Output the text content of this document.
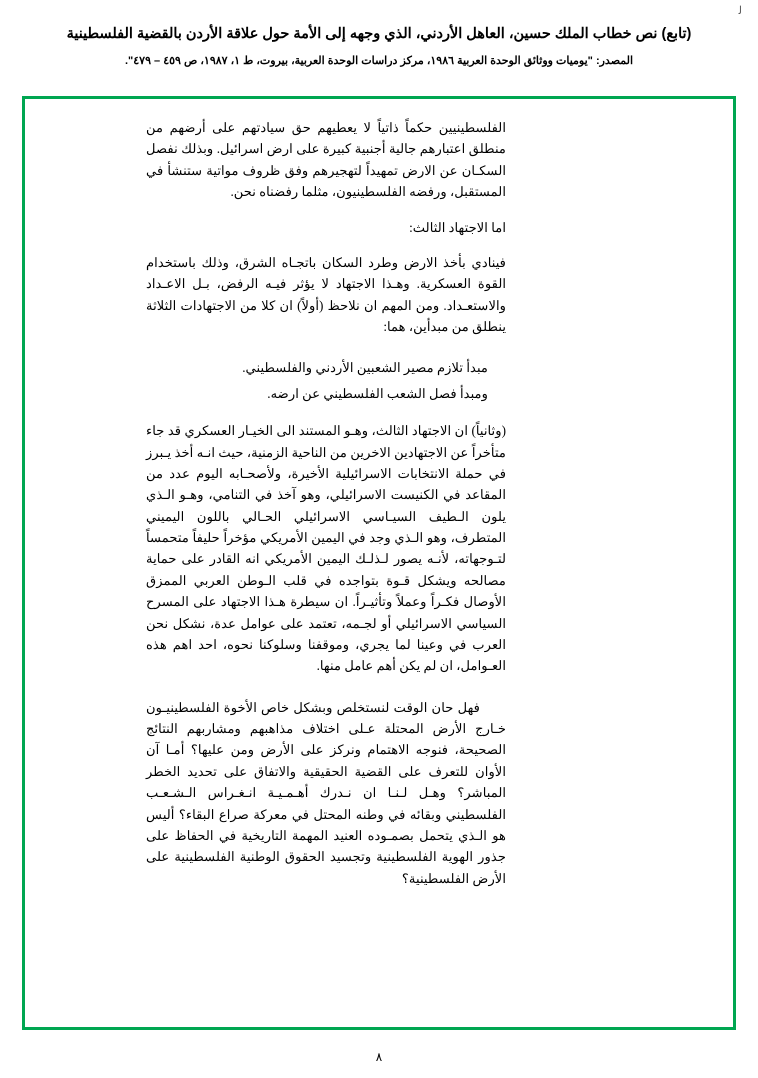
ﻟ
(تابع) نص خطاب الملك حسين، العاهل الأردني، الذي وجهه إلى الأمة حول علاقة الأردن بالقضية الفلسطينية
المصدر: "يوميات ووثائق الوحدة العربية ١٩٨٦، مركز دراسات الوحدة العربية، بيروت، ط ١، ١٩٨٧، ص ٤٥٩ – ٤٧٩".

الفلسطينيين حكماً ذاتياً لا يعطيهم حق سيادتهم على أرضهم من منطلق اعتبارهم جالية أجنبية كبيرة على ارض اسرائيل. وبذلك نفصل السكـان عن الارض تمهيداً لتهجيرهم وفق ظروف مواتية ستنشأ في المستقبل، ورفضه الفلسطينيون، مثلما رفضناه نحن.

اما الاجتهاد الثالث:

فينادي بأخذ الارض وطرد السكان باتجـاه الشرق، وذلك باستخدام القوة العسكرية. وهـذا الاجتهاد لا يؤثر فيـه الرفض، بـل الاعـداد والاستعـداد. ومن المهم ان نلاحظ (أولاً) ان كلا من الاجتهادات الثلاثة ينطلق من مبدأين، هما:

مبدأ تلازم مصير الشعبين الأردني والفلسطيني.

ومبدأ فصل الشعب الفلسطيني عن ارضه.

(وثانياً) ان الاجتهاد الثالث، وهـو المستند الى الخيـار العسكري قد جاء متأخراً عن الاجتهادين الاخرين من الناحية الزمنية، حيث انـه أخذ يـبرز في حملة الانتخابات الاسرائيلية الأخيرة، ولأصحـابه اليوم عدد من المقاعد في الكنيست الاسرائيلي، وهو آخذ في التنامي، وهـو الـذي يلون الـطيف السيـاسي الاسرائيلي الحـالي باللون اليميني المتطرف، وهو الـذي وجد في اليمين الأمريكي مؤخراً حليفاً متحمساً لتـوجهاته، لأنـه يصور لـذلـك اليمين الأمريكي انه القادر على حماية مصالحه ويشكل قـوة بتواجده في قلب الـوطن العربي الممزق الأوصال فكـراً وعملاً وتأثيـراً. ان سيطرة هـذا الاجتهاد على المسرح السياسي الاسرائيلي أو لجـمه، تعتمد على عوامل عدة، نشكل نحن العرب في وعينا لما يجري، وموقفنا وسلوكنا نحوه، احد اهم هذه العـوامل، ان لم يكن أهم عامل منها.

فهل حان الوقت لنستخلص وبشكل خاص الأخوة الفلسطينيـون خـارج الأرض المحتلة عـلى اختلاف مذاهبهم ومشاربهم النتائج الصحيحة، فنوجه الاهتمام ونركز على الأرض ومن عليها؟ أمـا آن الأوان للتعرف على القضية الحقيقية والاتفاق على تحديد الخطر المباشر؟ وهـل لـنـا ان نـدرك أهـمـيـة انـغـراس الـشـعـب الفلسطيني وبقائه في وطنه المحتل في معركة صراع البقاء؟ أليس هو الـذي يتحمل بصمـوده العنيد المهمة التاريخية في الحفاظ على جذور الهوية الفلسطينية وتجسيد الحقوق الوطنية الفلسطينية على الأرض الفلسطينية؟

٨
